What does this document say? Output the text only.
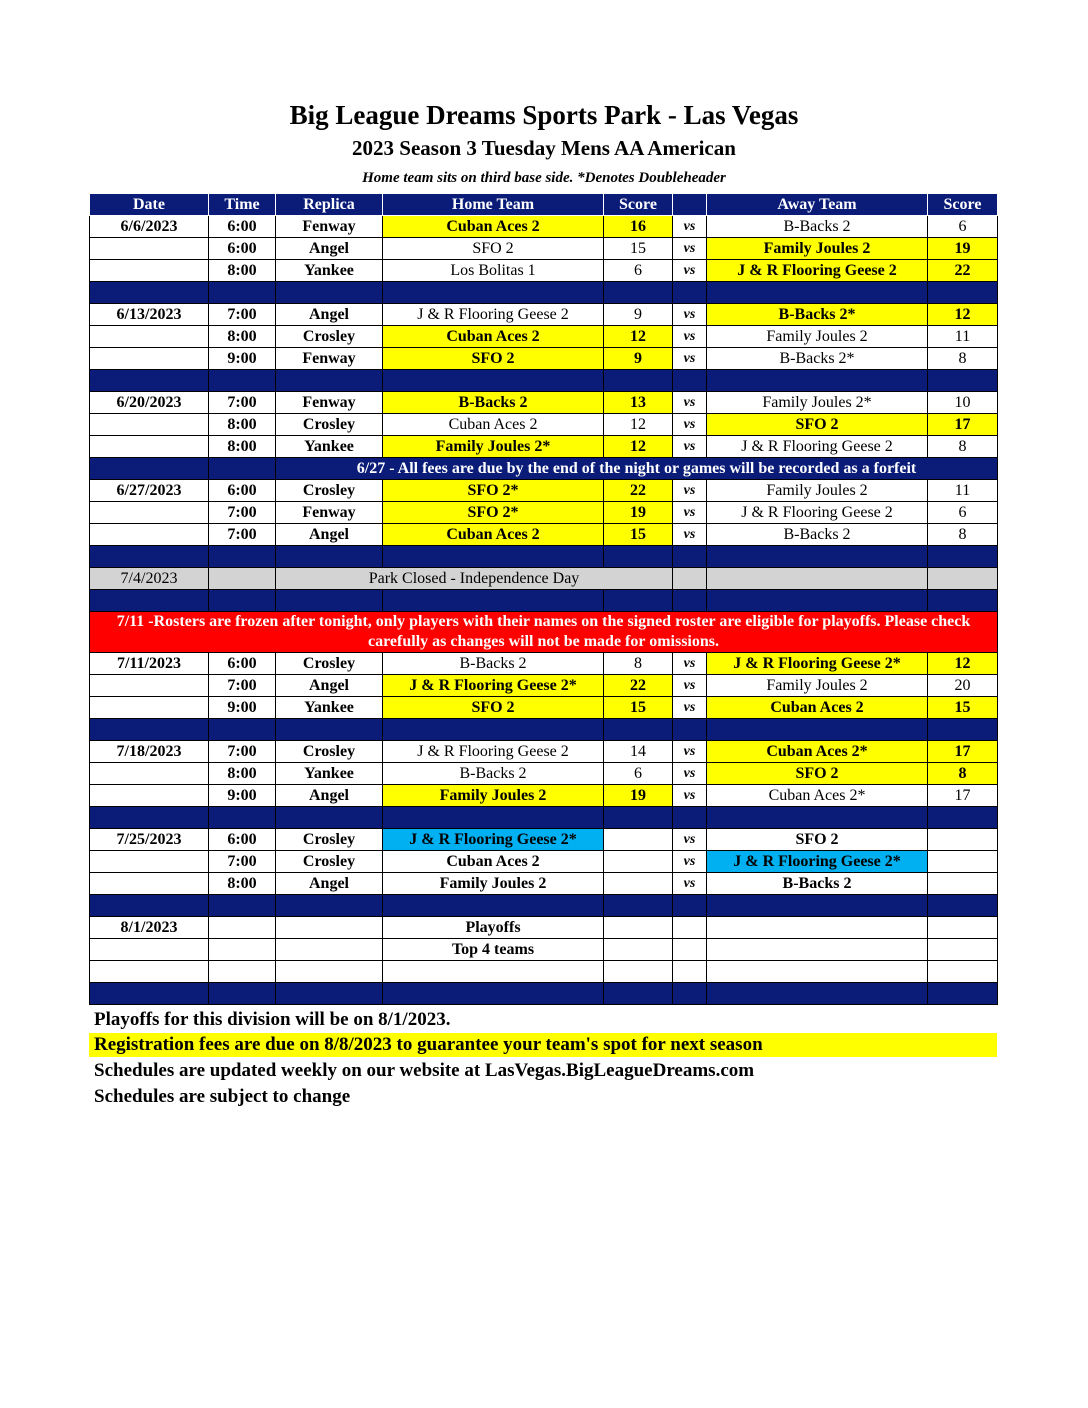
Big League Dreams Sports Park - Las Vegas
2023 Season 3 Tuesday Mens AA American
Home team sits on third base side. *Denotes Doubleheader
Date	Time	Replica	Home Team	Score		Away Team	Score
6/6/2023	6:00	Fenway	Cuban Aces 2	16	vs	B-Backs 2	6
	6:00	Angel	SFO 2	15	vs	Family Joules 2	19
	8:00	Yankee	Los Bolitas 1	6	vs	J & R Flooring Geese 2	22

6/13/2023	7:00	Angel	J & R Flooring Geese 2	9	vs	B-Backs 2*	12
	8:00	Crosley	Cuban Aces 2	12	vs	Family Joules 2	11
	9:00	Fenway	SFO 2	9	vs	B-Backs 2*	8

6/20/2023	7:00	Fenway	B-Backs 2	13	vs	Family Joules 2*	10
	8:00	Crosley	Cuban Aces 2	12	vs	SFO 2	17
	8:00	Yankee	Family Joules 2*	12	vs	J & R Flooring Geese 2	8
		6/27 - All fees are due by the end of the night or games will be recorded as a forfeit					
6/27/2023	6:00	Crosley	SFO 2*	22	vs	Family Joules 2	11
	7:00	Fenway	SFO 2*	19	vs	J & R Flooring Geese 2	6
	7:00	Angel	Cuban Aces 2	15	vs	B-Backs 2	8

7/4/2023		Park Closed - Independence Day					

7/11 -Rosters are frozen after tonight, only players with their names on the signed roster are eligible for playoffs. Please check carefully as changes will not be made for omissions.							
7/11/2023	6:00	Crosley	B-Backs 2	8	vs	J & R Flooring Geese 2*	12
	7:00	Angel	J & R Flooring Geese 2*	22	vs	Family Joules 2	20
	9:00	Yankee	SFO 2	15	vs	Cuban Aces 2	15

7/18/2023	7:00	Crosley	J & R Flooring Geese 2	14	vs	Cuban Aces 2*	17
	8:00	Yankee	B-Backs 2	6	vs	SFO 2	8
	9:00	Angel	Family Joules 2	19	vs	Cuban Aces 2*	17

7/25/2023	6:00	Crosley	J & R Flooring Geese 2*		vs	SFO 2	
	7:00	Crosley	Cuban Aces 2		vs	J & R Flooring Geese 2*	
	8:00	Angel	Family Joules 2		vs	B-Backs 2	

8/1/2023			Playoffs				
			Top 4 teams				

Playoffs for this division will be on 8/1/2023.
Registration fees are due on 8/8/2023 to guarantee your team's spot for next season
Schedules are updated weekly on our website at LasVegas.BigLeagueDreams.com
Schedules are subject to change
